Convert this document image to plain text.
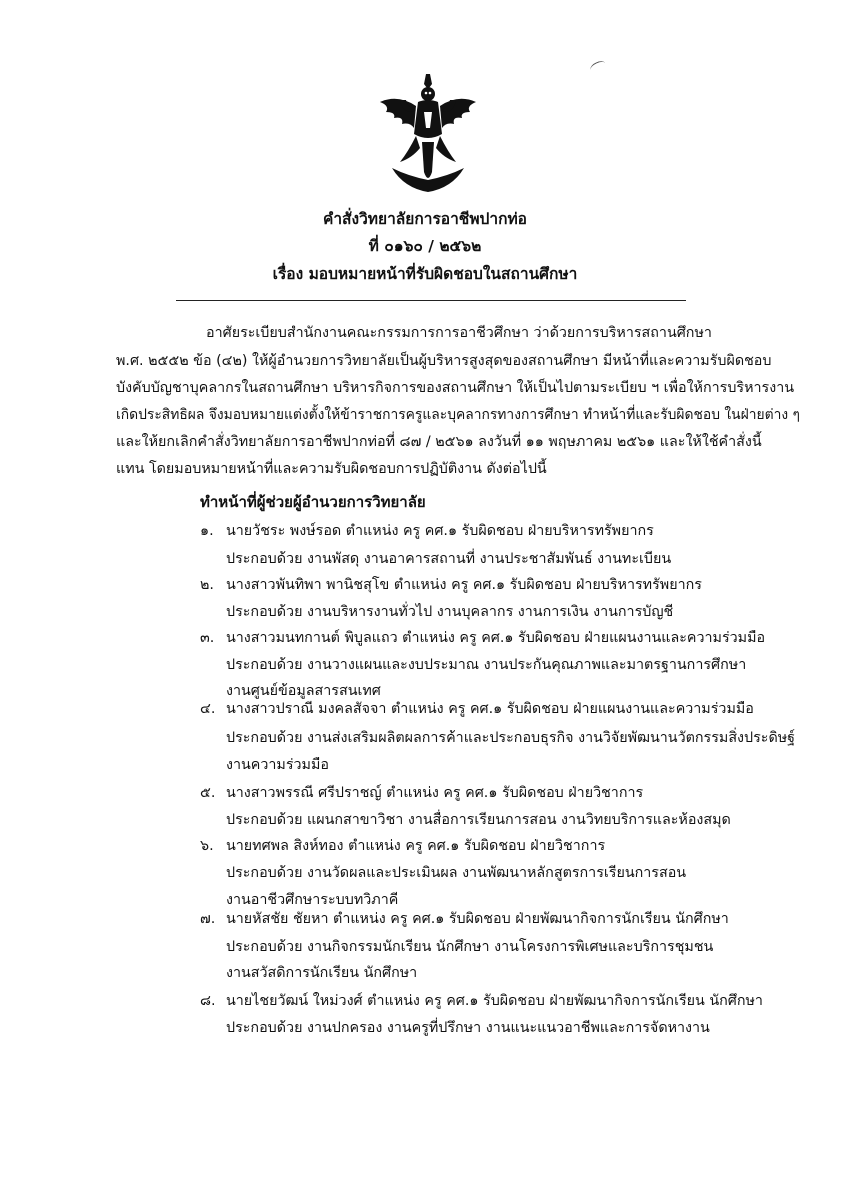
คำสั่งวิทยาลัยการอาชีพปากท่อ
ที่ ๐๑๖๐ / ๒๕๖๒
เรื่อง มอบหมายหน้าที่รับผิดชอบในสถานศึกษา
อาศัยระเบียบสำนักงานคณะกรรมการการอาชีวศึกษา ว่าด้วยการบริหารสถานศึกษา
พ.ศ. ๒๕๕๒ ข้อ (๔๒) ให้ผู้อำนวยการวิทยาลัยเป็นผู้บริหารสูงสุดของสถานศึกษา มีหน้าที่และความรับผิดชอบ
บังคับบัญชาบุคลากรในสถานศึกษา บริหารกิจการของสถานศึกษา ให้เป็นไปตามระเบียบ ฯ เพื่อให้การบริหารงาน
เกิดประสิทธิผล จึงมอบหมายแต่งตั้งให้ข้าราชการครูและบุคลากรทางการศึกษา ทำหน้าที่และรับผิดชอบ ในฝ่ายต่าง ๆ
และให้ยกเลิกคำสั่งวิทยาลัยการอาชีพปากท่อที่ ๘๗ / ๒๕๖๑ ลงวันที่ ๑๑ พฤษภาคม ๒๕๖๑ และให้ใช้คำสั่งนี้
แทน โดยมอบหมายหน้าที่และความรับผิดชอบการปฏิบัติงาน ดังต่อไปนี้
ทำหน้าที่ผู้ช่วยผู้อำนวยการวิทยาลัย
๑. นายวัชระ พงษ์รอด ตำแหน่ง ครู คศ.๑ รับผิดชอบ ฝ่ายบริหารทรัพยากร
ประกอบด้วย งานพัสดุ งานอาคารสถานที่ งานประชาสัมพันธ์ งานทะเบียน
๒. นางสาวพันทิพา พานิชสุโข ตำแหน่ง ครู คศ.๑ รับผิดชอบ ฝ่ายบริหารทรัพยากร
ประกอบด้วย งานบริหารงานทั่วไป งานบุคลากร งานการเงิน งานการบัญชี
๓. นางสาวมนทกานต์ พิบูลแถว ตำแหน่ง ครู คศ.๑ รับผิดชอบ ฝ่ายแผนงานและความร่วมมือ
ประกอบด้วย งานวางแผนและงบประมาณ งานประกันคุณภาพและมาตรฐานการศึกษา
งานศูนย์ข้อมูลสารสนเทศ
๔. นางสาวปราณี มงคลสัจจา ตำแหน่ง ครู คศ.๑ รับผิดชอบ ฝ่ายแผนงานและความร่วมมือ
ประกอบด้วย งานส่งเสริมผลิตผลการค้าและประกอบธุรกิจ งานวิจัยพัฒนานวัตกรรมสิ่งประดิษฐ์
งานความร่วมมือ
๕. นางสาวพรรณี ศรีปราชญ์ ตำแหน่ง ครู คศ.๑ รับผิดชอบ ฝ่ายวิชาการ
ประกอบด้วย แผนกสาขาวิชา งานสื่อการเรียนการสอน งานวิทยบริการและห้องสมุด
๖. นายทศพล สิงห์ทอง ตำแหน่ง ครู คศ.๑ รับผิดชอบ ฝ่ายวิชาการ
ประกอบด้วย งานวัดผลและประเมินผล งานพัฒนาหลักสูตรการเรียนการสอน
งานอาชีวศึกษาระบบทวิภาคี
๗. นายหัสชัย ชัยหา ตำแหน่ง ครู คศ.๑ รับผิดชอบ ฝ่ายพัฒนากิจการนักเรียน นักศึกษา
ประกอบด้วย งานกิจกรรมนักเรียน นักศึกษา งานโครงการพิเศษและบริการชุมชน
งานสวัสดิการนักเรียน นักศึกษา
๘. นายไชยวัฒน์ ใหม่วงศ์ ตำแหน่ง ครู คศ.๑ รับผิดชอบ ฝ่ายพัฒนากิจการนักเรียน นักศึกษา
ประกอบด้วย งานปกครอง งานครูที่ปรึกษา งานแนะแนวอาชีพและการจัดหางาน
